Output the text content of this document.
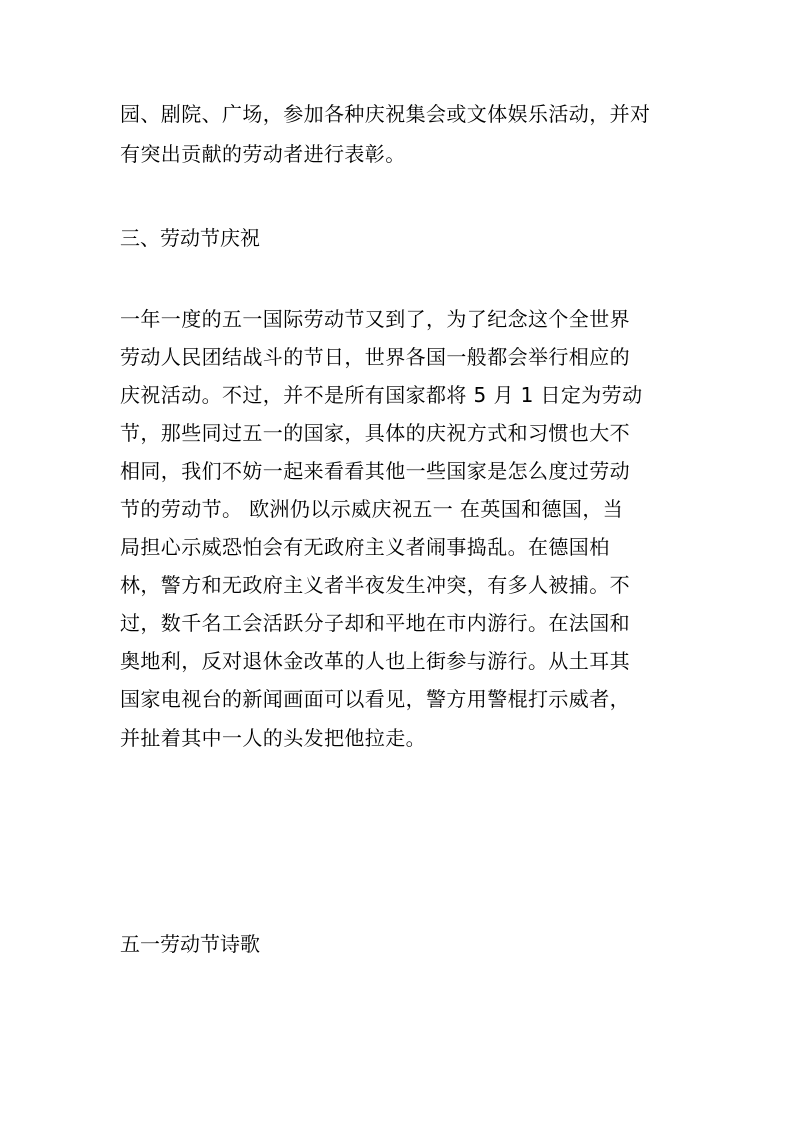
园、剧院、广场，参加各种庆祝集会或文体娱乐活动，并对
有突出贡献的劳动者进行表彰。
三、劳动节庆祝
一年一度的五一国际劳动节又到了，为了纪念这个全世界
劳动人民团结战斗的节日，世界各国一般都会举行相应的
庆祝活动。不过，并不是所有国家都将 5 月 1 日定为劳动
节，那些同过五一的国家，具体的庆祝方式和习惯也大不
相同，我们不妨一起来看看其他一些国家是怎么度过劳动
节的劳动节。 欧洲仍以示威庆祝五一 在英国和德国，当
局担心示威恐怕会有无政府主义者闹事捣乱。在德国柏
林，警方和无政府主义者半夜发生冲突，有多人被捕。不
过，数千名工会活跃分子却和平地在市内游行。在法国和
奥地利，反对退休金改革的人也上街参与游行。从土耳其
国家电视台的新闻画面可以看见，警方用警棍打示威者，
并扯着其中一人的头发把他拉走。
五一劳动节诗歌
